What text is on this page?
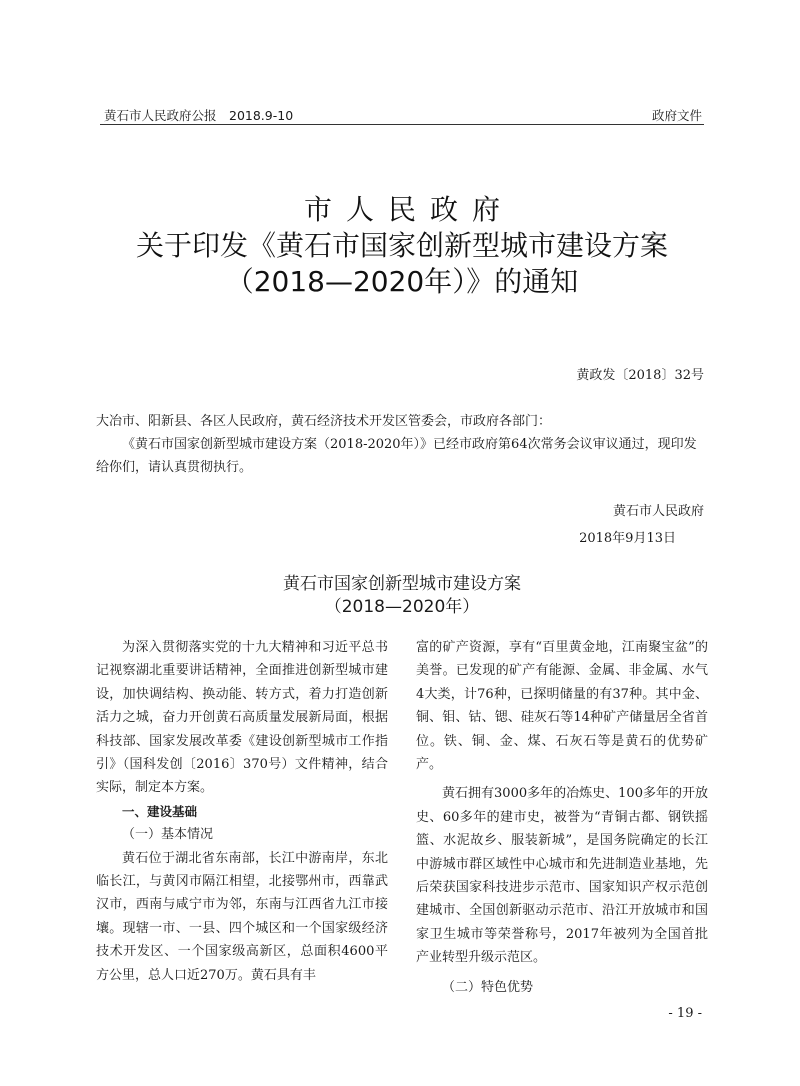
黄石市人民政府公报　2018.9-10	政府文件
市人民政府
关于印发《黄石市国家创新型城市建设方案
（2018—2020年）》的通知
黄政发〔2018〕32号
大冶市、阳新县、各区人民政府，黄石经济技术开发区管委会，市政府各部门：
《黄石市国家创新型城市建设方案（2018-2020年）》已经市政府第64次常务会议审议通过，现印发给你们，请认真贯彻执行。
黄石市人民政府
2018年9月13日
黄石市国家创新型城市建设方案
（2018—2020年）

为深入贯彻落实党的十九大精神和习近平总书记视察湖北重要讲话精神，全面推进创新型城市建设，加快调结构、换动能、转方式，着力打造创新活力之城，奋力开创黄石高质量发展新局面，根据科技部、国家发展改革委《建设创新型城市工作指引》（国科发创〔2016〕370号）文件精神，结合实际，制定本方案。

一、建设基础

（一）基本情况

黄石位于湖北省东南部，长江中游南岸，东北临长江，与黄冈市隔江相望，北接鄂州市，西靠武汉市，西南与咸宁市为邻，东南与江西省九江市接壤。现辖一市、一县、四个城区和一个国家级经济技术开发区、一个国家级高新区，总面积4600平方公里，总人口近270万。黄石具有丰

富的矿产资源，享有“百里黄金地，江南聚宝盆”的美誉。已发现的矿产有能源、金属、非金属、水气4大类，计76种，已探明储量的有37种。其中金、铜、钼、钴、锶、硅灰石等14种矿产储量居全省首位。铁、铜、金、煤、石灰石等是黄石的优势矿产。

黄石拥有3000多年的冶炼史、100多年的开放史、60多年的建市史，被誉为“青铜古都、钢铁摇篮、水泥故乡、服装新城”，是国务院确定的长江中游城市群区域性中心城市和先进制造业基地，先后荣获国家科技进步示范市、国家知识产权示范创建城市、全国创新驱动示范市、沿江开放城市和国家卫生城市等荣誉称号，2017年被列为全国首批产业转型升级示范区。

（二）特色优势

- 19 -
